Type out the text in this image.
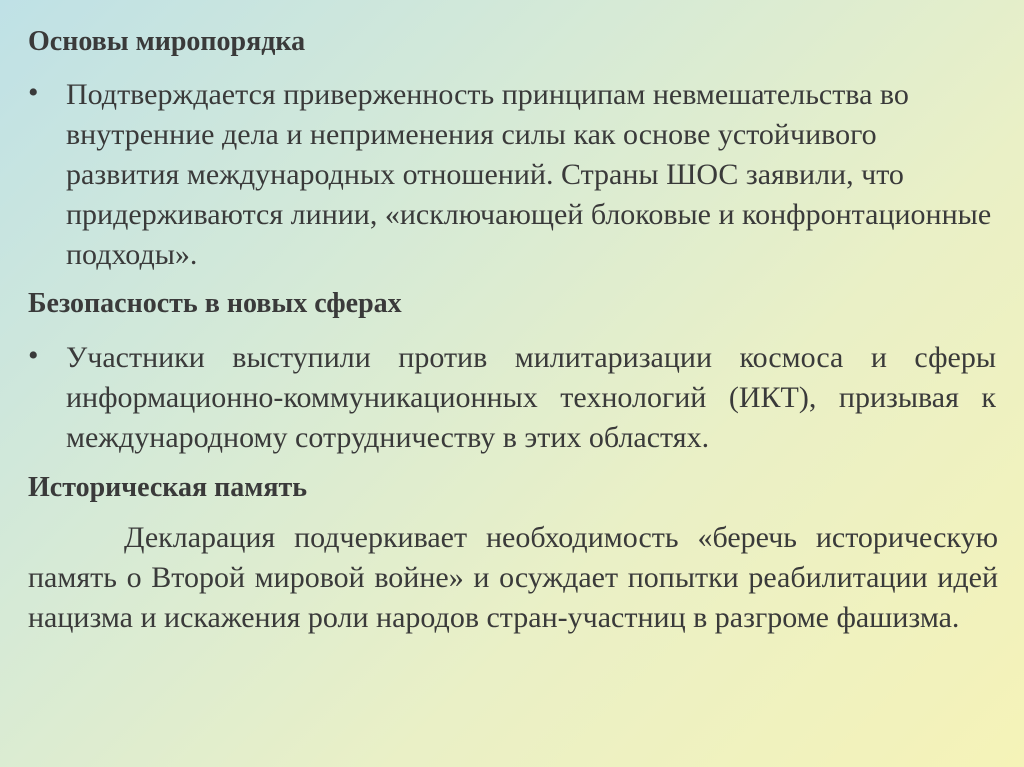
Основы миропорядка
• Подтверждается приверженность принципам невмешательства во внутренние дела и неприменения силы как основе устойчивого развития международных отношений. Страны ШОС заявили, что придерживаются линии, «исключающей блоковые и конфронтационные подходы».
Безопасность в новых сферах
• Участники выступили против милитаризации космоса и сферы информационно-коммуникационных технологий (ИКТ), призывая к международному сотрудничеству в этих областях.
Историческая память
Декларация подчеркивает необходимость «беречь историческую память о Второй мировой войне» и осуждает попытки реабилитации идей нацизма и искажения роли народов стран-участниц в разгроме фашизма.
